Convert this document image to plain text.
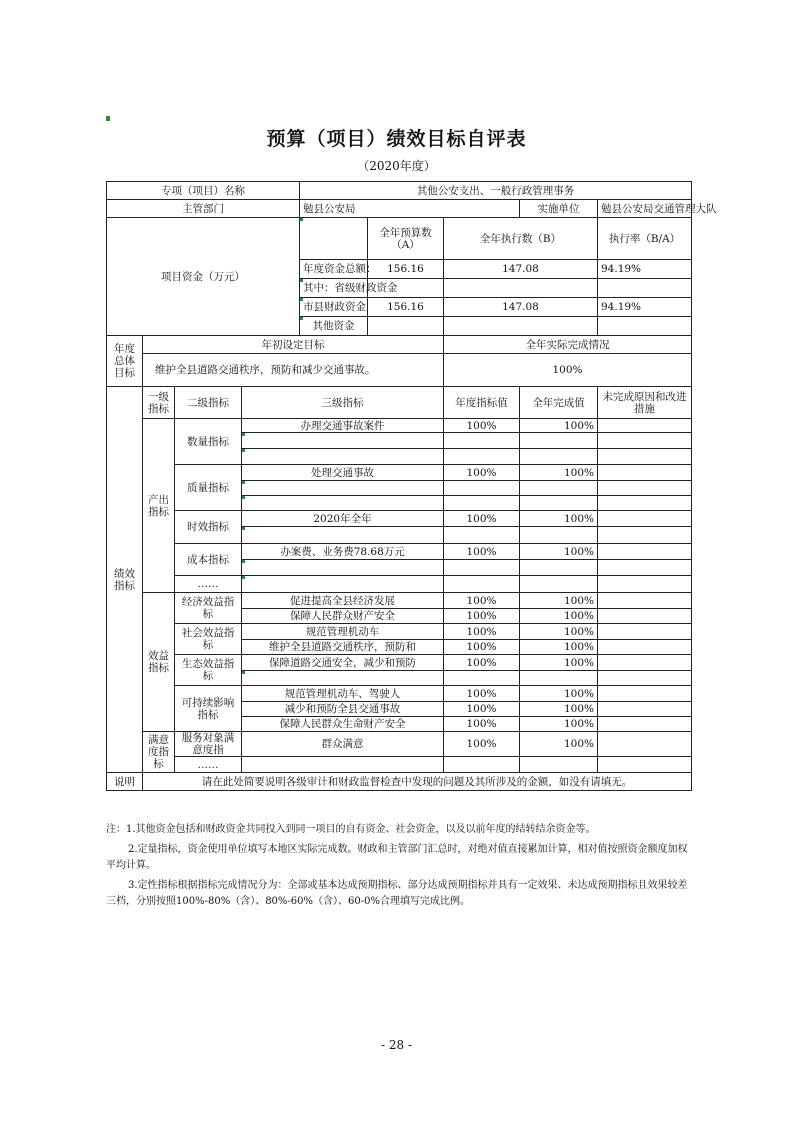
预算（项目）绩效目标自评表
（2020年度）
专项（项目）名称				其他公安支出、一般行政管理事务				
主管部门				勉县公安局			实施单位	勉县公安局交通管理大队
项目资金（万元）					全年预算数（A）	全年执行数（B）		执行率（B/A）
				年度资金总额：	156.16	147.08		94.19%
				其中：省级财政资金				
				市县财政资金	156.16	147.08		94.19%
				其他资金				
年度总体目标	年初设定目标					全年实际完成情况		
	维护全县道路交通秩序，预防和减少交通事故。					100%		
绩效指标	一级指标	二级指标	三级指标			年度指标值	全年完成值	未完成原因和改进措施
	产出指标	数量指标	办理交通事故案件			100%	100%	

		质量指标	处理交通事故			100%	100%	

		时效指标	2020年全年			100%	100%	

		成本指标	办案费、业务费78.68万元			100%	100%	

		……						
	效益指标	经济效益指标	促进提高全县经济发展			100%	100%	
			保障人民群众财产安全			100%	100%	
		社会效益指标	规范管理机动车			100%	100%	
			维护全县道路交通秩序，预防和			100%	100%	
		生态效益指标	保障道路交通安全，减少和预防			100%	100%	

		可持续影响指标	规范管理机动车、驾驶人			100%	100%	
			减少和预防全县交通事故			100%	100%	
			保障人民群众生命财产安全			100%	100%	
	满意度指标	服务对象满意度指	群众满意			100%	100%	
		……						
说明	请在此处简要说明各级审计和财政监督检查中发现的问题及其所涉及的金额，如没有请填无。							

注：1.其他资金包括和财政资金共同投入到同一项目的自有资金、社会资金，以及以前年度的结转结余资金等。

2.定量指标，资金使用单位填写本地区实际完成数。财政和主管部门汇总时，对绝对值直接累加计算，相对值按照资金额度加权平均计算。

3.定性指标根据指标完成情况分为：全部或基本达成预期指标、部分达成预期指标并具有一定效果、未达成预期指标且效果较差三档，分别按照100%-80%（含）、80%-60%（含）、60-0%合理填写完成比例。

- 28 -
